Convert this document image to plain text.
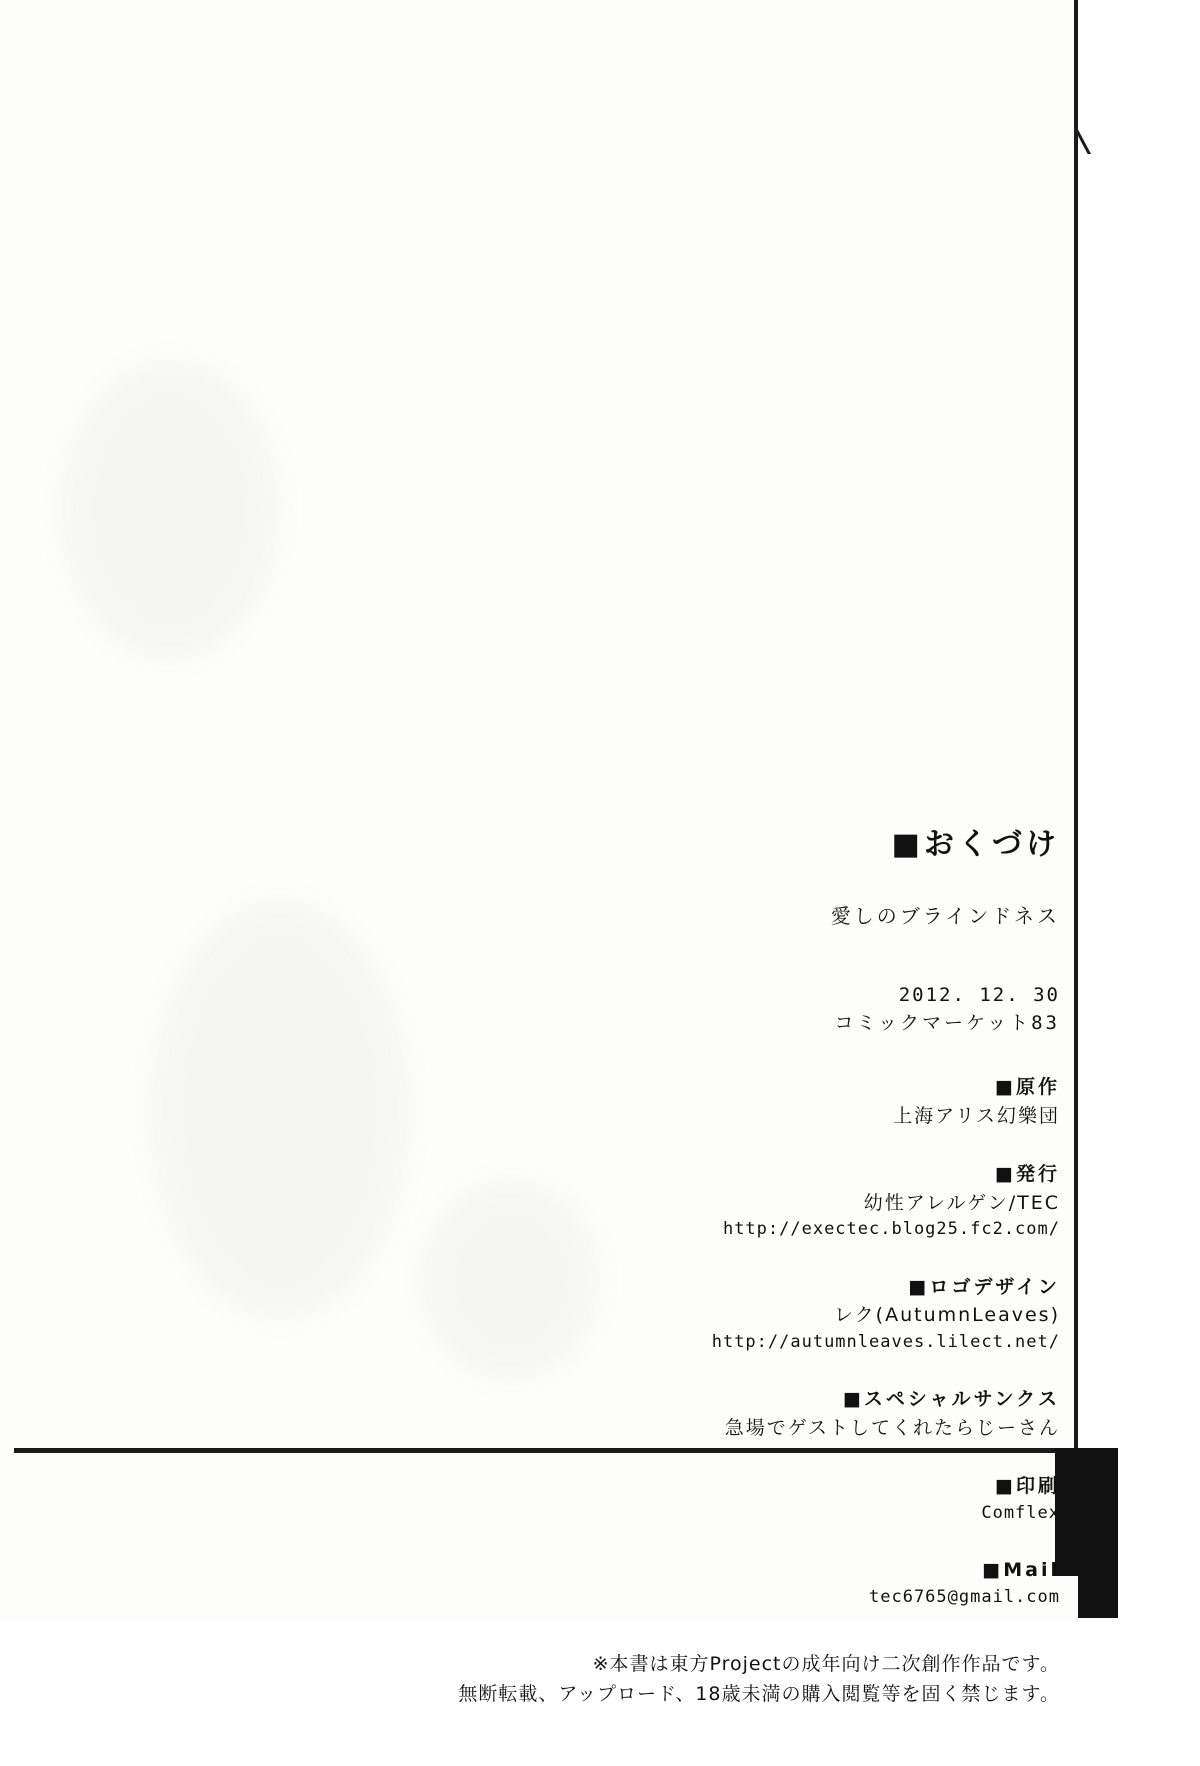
■おくづけ

愛しのブラインドネス

2012. 12. 30
コミックマーケット83

■原作

上海アリス幻樂団

■発行

幼性アレルゲン/TEC

http://exectec.blog25.fc2.com/

■ロゴデザイン

レク(AutumnLeaves)

http://autumnleaves.lilect.net/

■スペシャルサンクス

急場でゲストしてくれたらじーさん

■印刷

Comflex

■Mail

tec6765@gmail.com

※本書は東方Projectの成年向け二次創作作品です。

無断転載、アップロード、18歳未満の購入閲覧等を固く禁じます。
